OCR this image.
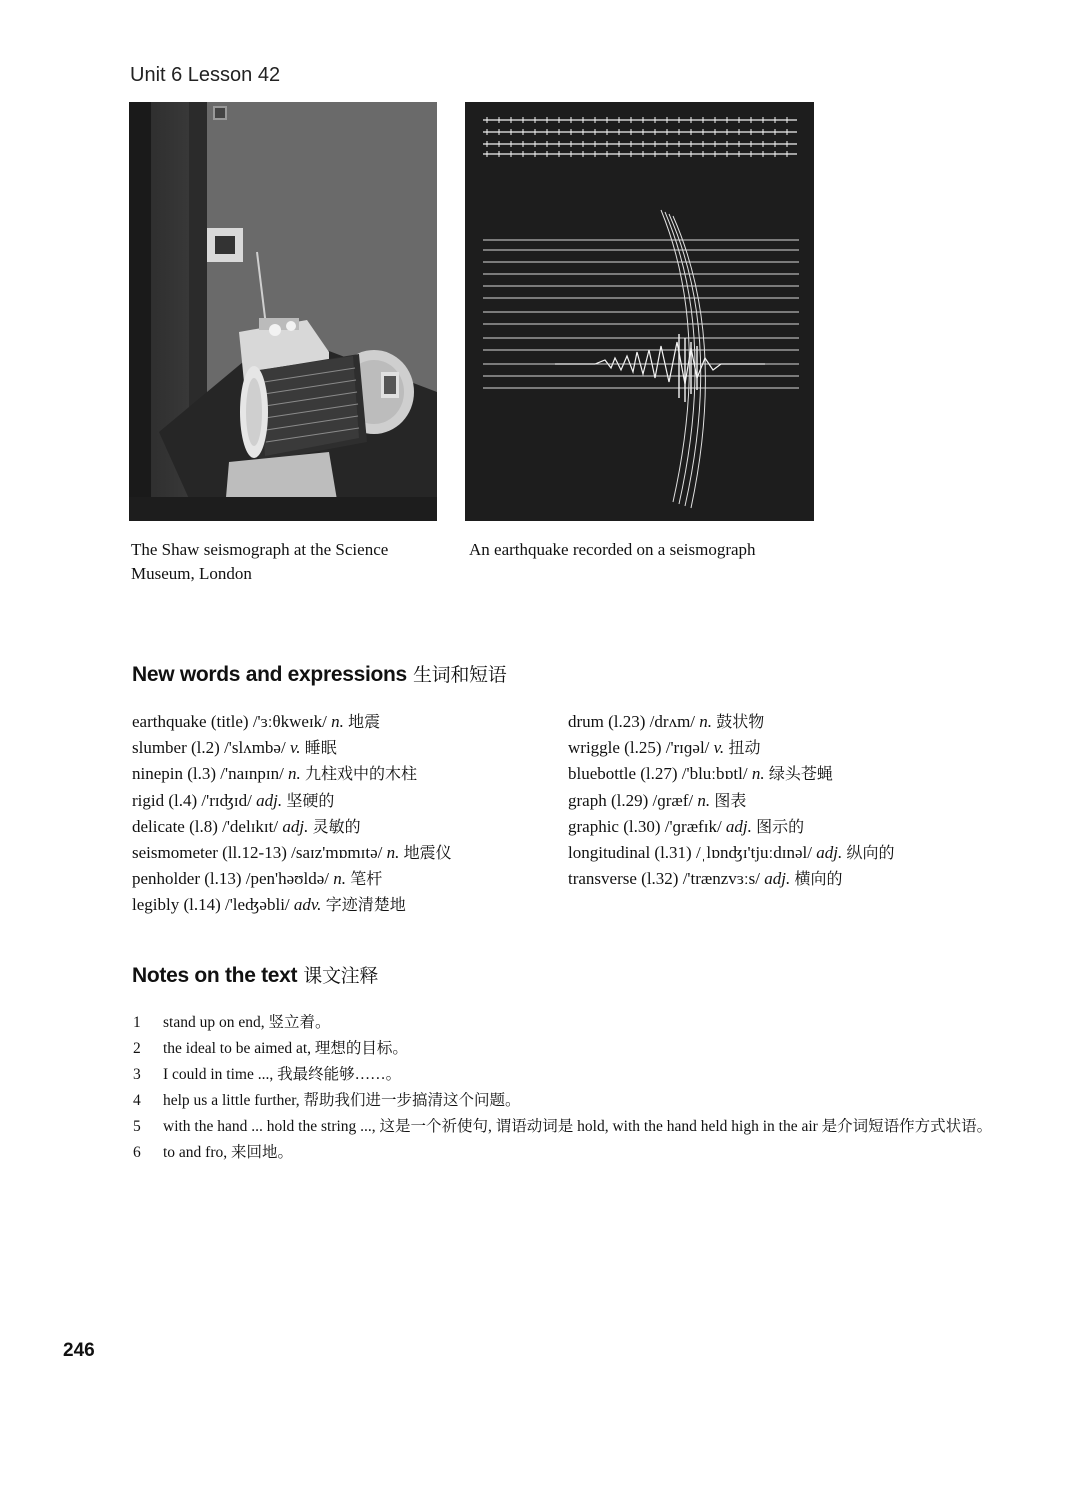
Unit 6 Lesson 42
The Shaw seismograph at the Science Museum, London
An earthquake recorded on a seismograph
New words and expressions 生词和短语
earthquake (title) /'ɜːθkweɪk/ n. 地震
slumber (l.2) /'slʌmbə/ v. 睡眠
ninepin (l.3) /'naɪnpɪn/ n. 九柱戏中的木柱
rigid (l.4) /'rɪʤɪd/ adj. 坚硬的
delicate (l.8) /'delɪkɪt/ adj. 灵敏的
seismometer (ll.12-13) /saɪz'mɒmɪtə/ n. 地震仪
penholder (l.13) /pen'həʊldə/ n. 笔杆
legibly (l.14) /'leʤəbli/ adv. 字迹清楚地
drum (l.23) /drʌm/ n. 鼓状物
wriggle (l.25) /'rɪɡəl/ v. 扭动
bluebottle (l.27) /'bluːbɒtl/ n. 绿头苍蝇
graph (l.29) /ɡræf/ n. 图表
graphic (l.30) /'ɡræfɪk/ adj. 图示的
longitudinal (l.31) /ˌlɒnʤɪ'tjuːdɪnəl/ adj. 纵向的
transverse (l.32) /'trænzvɜːs/ adj. 横向的
Notes on the text 课文注释
1	stand up on end, 竖立着。
2	the ideal to be aimed at, 理想的目标。
3	I could in time ..., 我最终能够……。
4	help us a little further, 帮助我们进一步搞清这个问题。
5	with the hand ... hold the string ..., 这是一个祈使句, 谓语动词是 hold, with the hand held high in the air 是介词短语作方式状语。
6	to and fro, 来回地。
246
